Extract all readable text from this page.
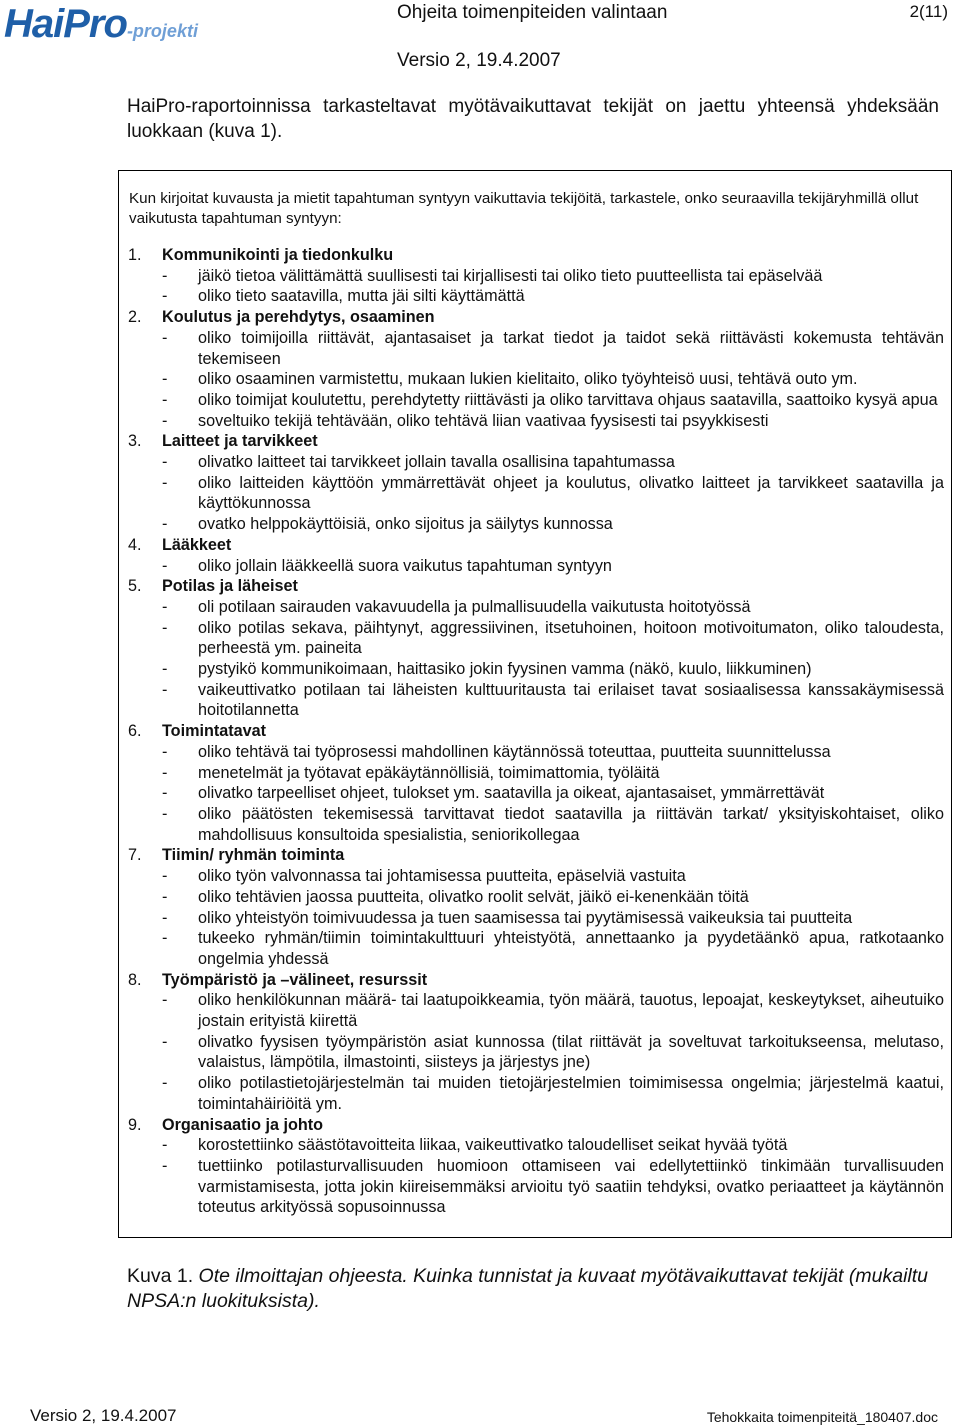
HaiPro-projekti
Ohjeita toimenpiteiden valintaan	2(11)
Versio 2, 19.4.2007
HaiPro-raportoinnissa tarkasteltavat myötävaikuttavat tekijät on jaettu yhteensä yhdeksään luokkaan (kuva 1).
Kun kirjoitat kuvausta ja mietit tapahtuman syntyyn vaikuttavia tekijöitä, tarkastele, onko seuraavilla tekijäryhmillä ollut vaikutusta tapahtuman syntyyn:
1.	Kommunikointi ja tiedonkulku
-	jäikö tietoa välittämättä suullisesti tai kirjallisesti tai oliko tieto puutteellista tai epäselvää
-	oliko tieto saatavilla, mutta jäi silti käyttämättä
2.	Koulutus ja perehdytys, osaaminen
-	oliko toimijoilla riittävät, ajantasaiset ja tarkat tiedot ja taidot sekä riittävästi kokemusta tehtävän tekemiseen
-	oliko osaaminen varmistettu, mukaan lukien kielitaito, oliko työyhteisö uusi, tehtävä outo ym.
-	oliko toimijat koulutettu, perehdytetty riittävästi ja oliko tarvittava ohjaus saatavilla, saattoiko kysyä apua
-	soveltuiko tekijä tehtävään, oliko tehtävä liian vaativaa fyysisesti tai psyykkisesti
3.	Laitteet ja tarvikkeet
-	olivatko laitteet tai tarvikkeet jollain tavalla osallisina tapahtumassa
-	oliko laitteiden käyttöön ymmärrettävät ohjeet ja koulutus, olivatko laitteet ja tarvikkeet saatavilla ja käyttökunnossa
-	ovatko helppokäyttöisiä, onko sijoitus ja säilytys kunnossa
4.	Lääkkeet
-	oliko jollain lääkkeellä suora vaikutus tapahtuman syntyyn
5.	Potilas ja läheiset
-	oli potilaan sairauden vakavuudella ja pulmallisuudella vaikutusta hoitotyössä
-	oliko potilas sekava, päihtynyt, aggressiivinen, itsetuhoinen, hoitoon motivoitumaton, oliko taloudesta, perheestä ym. paineita
-	pystyikö kommunikoimaan, haittasiko jokin fyysinen vamma (näkö, kuulo, liikkuminen)
-	vaikeuttivatko potilaan tai läheisten kulttuuritausta tai erilaiset tavat sosiaalisessa kanssakäymisessä hoitotilannetta
6.	Toimintatavat
-	oliko tehtävä tai työprosessi mahdollinen käytännössä toteuttaa, puutteita suunnittelussa
-	menetelmät ja työtavat epäkäytännöllisiä, toimimattomia, työläitä
-	olivatko tarpeelliset ohjeet, tulokset ym. saatavilla ja oikeat, ajantasaiset, ymmärrettävät
-	oliko päätösten tekemisessä tarvittavat tiedot saatavilla ja riittävän tarkat/ yksityiskohtaiset, oliko mahdollisuus konsultoida spesialistia, seniorikollegaa
7.	Tiimin/ ryhmän toiminta
-	oliko työn valvonnassa tai johtamisessa puutteita, epäselviä vastuita
-	oliko tehtävien jaossa puutteita, olivatko roolit selvät, jäikö ei-kenenkään töitä
-	oliko yhteistyön toimivuudessa ja tuen saamisessa tai pyytämisessä vaikeuksia tai puutteita
-	tukeeko ryhmän/tiimin toimintakulttuuri yhteistyötä, annettaanko ja pyydetäänkö apua, ratkotaanko ongelmia yhdessä
8.	Työmpäristö ja –välineet, resurssit
-	oliko henkilökunnan määrä- tai laatupoikkeamia, työn määrä, tauotus, lepoajat, keskeytykset, aiheutuiko jostain erityistä kiirettä
-	olivatko fyysisen työympäristön asiat kunnossa (tilat riittävät ja soveltuvat tarkoitukseensa, melutaso, valaistus, lämpötila, ilmastointi, siisteys ja järjestys jne)
-	oliko potilastietojärjestelmän tai muiden tietojärjestelmien toimimisessa ongelmia; järjestelmä kaatui, toimintahäiriöitä ym.
9.	Organisaatio ja johto
-	korostettiinko säästötavoitteita liikaa, vaikeuttivatko taloudelliset seikat hyvää työtä
-	tuettiinko potilasturvallisuuden huomioon ottamiseen vai edellytettiinkö tinkimään turvallisuuden varmistamisesta, jotta jokin kiireisemmäksi arvioitu työ saatiin tehdyksi, ovatko periaatteet ja käytännön toteutus arkityössä sopusoinnussa
Kuva 1. Ote ilmoittajan ohjeesta. Kuinka tunnistat ja kuvaat myötävaikuttavat tekijät (mukailtu NPSA:n luokituksista).
Versio 2, 19.4.2007	Tehokkaita toimenpiteitä_180407.doc
